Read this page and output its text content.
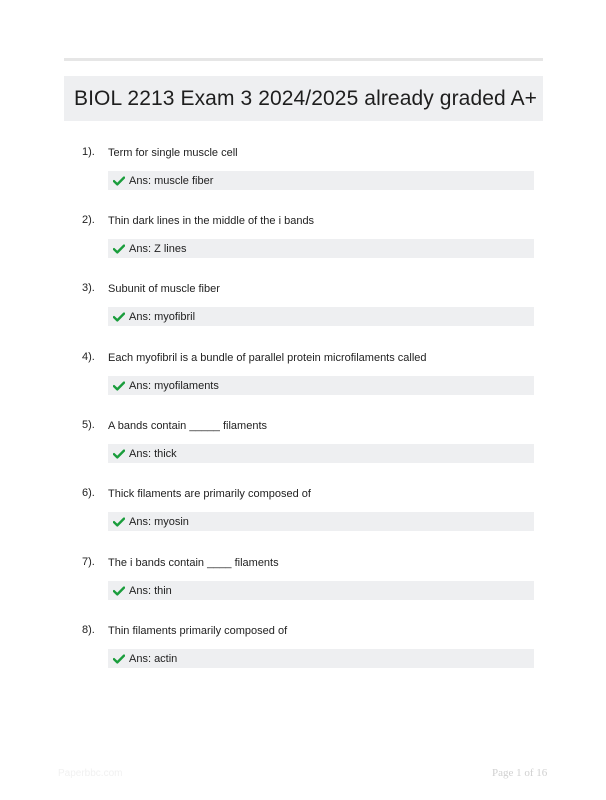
BIOL 2213 Exam 3 2024/2025 already graded A+
1). Term for single muscle cell
Ans: muscle fiber
2). Thin dark lines in the middle of the i bands
Ans: Z lines
3). Subunit of muscle fiber
Ans: myofibril
4). Each myofibril is a bundle of parallel protein microfilaments called
Ans: myofilaments
5). A bands contain _____ filaments
Ans: thick
6). Thick filaments are primarily composed of
Ans: myosin
7). The i bands contain ____ filaments
Ans: thin
8). Thin filaments primarily composed of
Ans: actin
Paperbbc.com	Page 1 of 16
